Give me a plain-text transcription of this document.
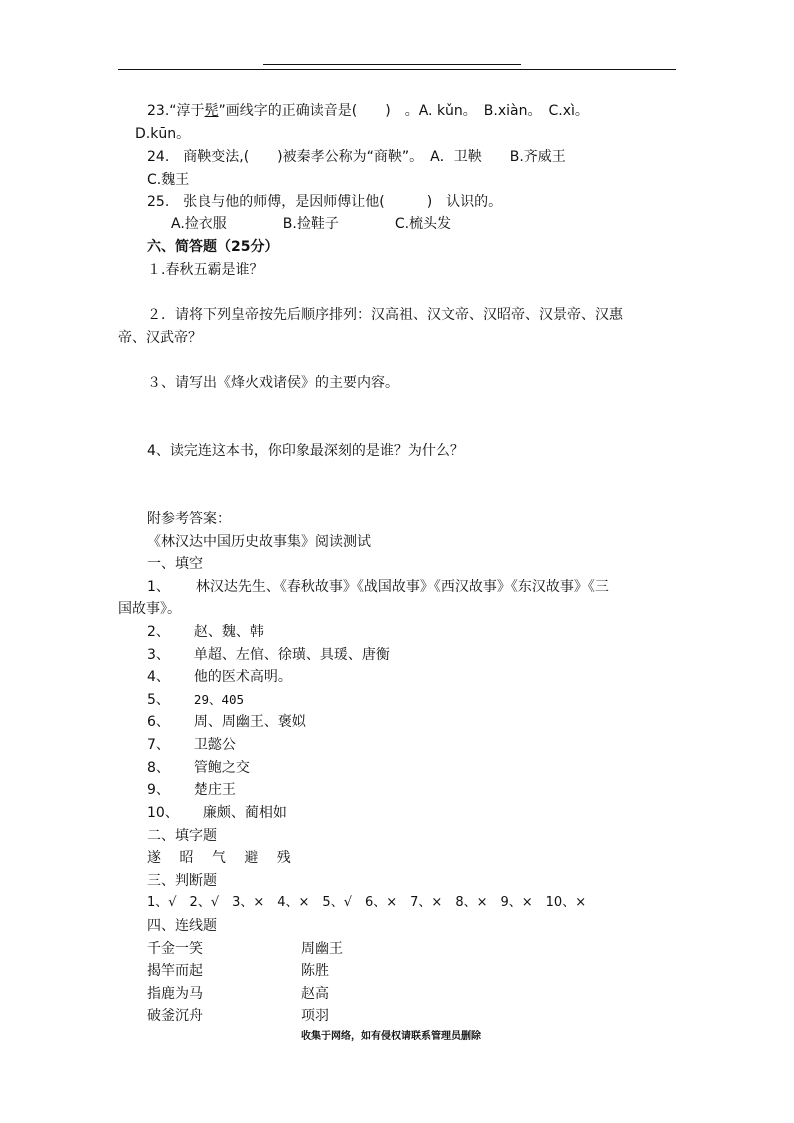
23.“淳于髡”画线字的正确读音是(　　)　。A. kǔn。　B.xiàn。　C.xì。
D.kūn。
24.　商鞅变法,(　　)被秦孝公称为“商鞅”。　A．卫鞅　　B.齐威王
C.魏王
25.　张良与他的师傅，是因师傅让他(　　　)　认识的。
A.捡衣服　　　　B.捡鞋子　　　　C.梳头发
六、简答题（25分）
１.春秋五霸是谁？
２．请将下列皇帝按先后顺序排列：汉高祖、汉文帝、汉昭帝、汉景帝、汉惠
帝、汉武帝？
３、请写出《烽火戏诸侯》的主要内容。
4、读完连这本书，你印象最深刻的是谁？为什么？
附参考答案：
《林汉达中国历史故事集》阅读测试
一、填空
1、 林汉达先生、《春秋故事》《战国故事》《西汉故事》《东汉故事》《三
国故事》。
2、 赵、魏、韩
3、 单超、左倌、徐璜、具瑗、唐衡
4、 他的医术高明。
5、 29、405
6、 周、周幽王、褒姒
7、 卫懿公
8、 管鲍之交
9、 楚庄王
10、 廉颇、蔺相如
二、填字题
遂　 昭　 气　 避　 残
三、判断题
1、√　2、√　3、×　4、×　5、√　6、×　7、×　8、×　9、×　10、×
四、连线题
千金一笑	周幽王
揭竿而起	陈胜
指鹿为马	赵高
破釜沉舟	项羽
收集于网络，如有侵权请联系管理员删除
